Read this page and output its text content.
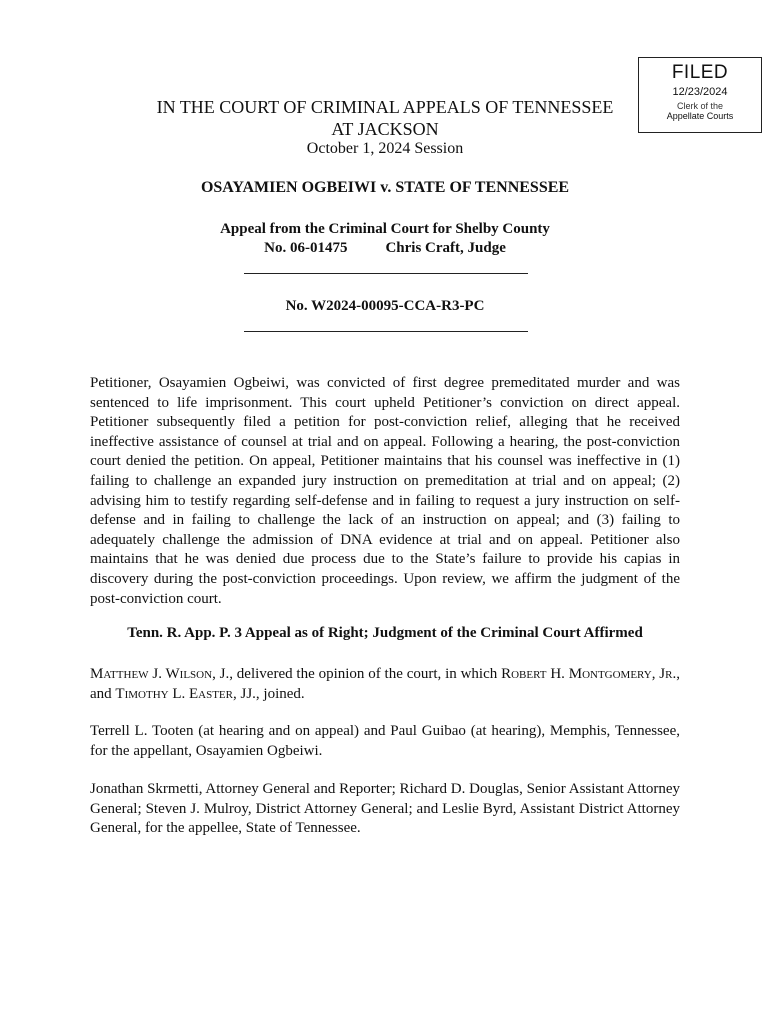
FILED
12/23/2024
Clerk of the
Appellate Courts
IN THE COURT OF CRIMINAL APPEALS OF TENNESSEE
AT JACKSON
October 1, 2024 Session
OSAYAMIEN OGBEIWI v. STATE OF TENNESSEE
Appeal from the Criminal Court for Shelby County
No. 06-01475	Chris Craft, Judge
No. W2024-00095-CCA-R3-PC

Petitioner, Osayamien Ogbeiwi, was convicted of first degree premeditated murder and was sentenced to life imprisonment. This court upheld Petitioner’s conviction on direct appeal. Petitioner subsequently filed a petition for post-conviction relief, alleging that he received ineffective assistance of counsel at trial and on appeal. Following a hearing, the post-conviction court denied the petition. On appeal, Petitioner maintains that his counsel was ineffective in (1) failing to challenge an expanded jury instruction on premeditation at trial and on appeal; (2) advising him to testify regarding self-defense and in failing to request a jury instruction on self-defense and in failing to challenge the lack of an instruction on appeal; and (3) failing to adequately challenge the admission of DNA evidence at trial and on appeal. Petitioner also maintains that he was denied due process due to the State’s failure to provide his capias in discovery during the post-conviction proceedings. Upon review, we affirm the judgment of the post-conviction court.

Tenn. R. App. P. 3 Appeal as of Right; Judgment of the Criminal Court Affirmed

Matthew J. Wilson, J., delivered the opinion of the court, in which Robert H. Montgomery, Jr., and Timothy L. Easter, JJ., joined.

Terrell L. Tooten (at hearing and on appeal) and Paul Guibao (at hearing), Memphis, Tennessee, for the appellant, Osayamien Ogbeiwi.

Jonathan Skrmetti, Attorney General and Reporter; Richard D. Douglas, Senior Assistant Attorney General; Steven J. Mulroy, District Attorney General; and Leslie Byrd, Assistant District Attorney General, for the appellee, State of Tennessee.
